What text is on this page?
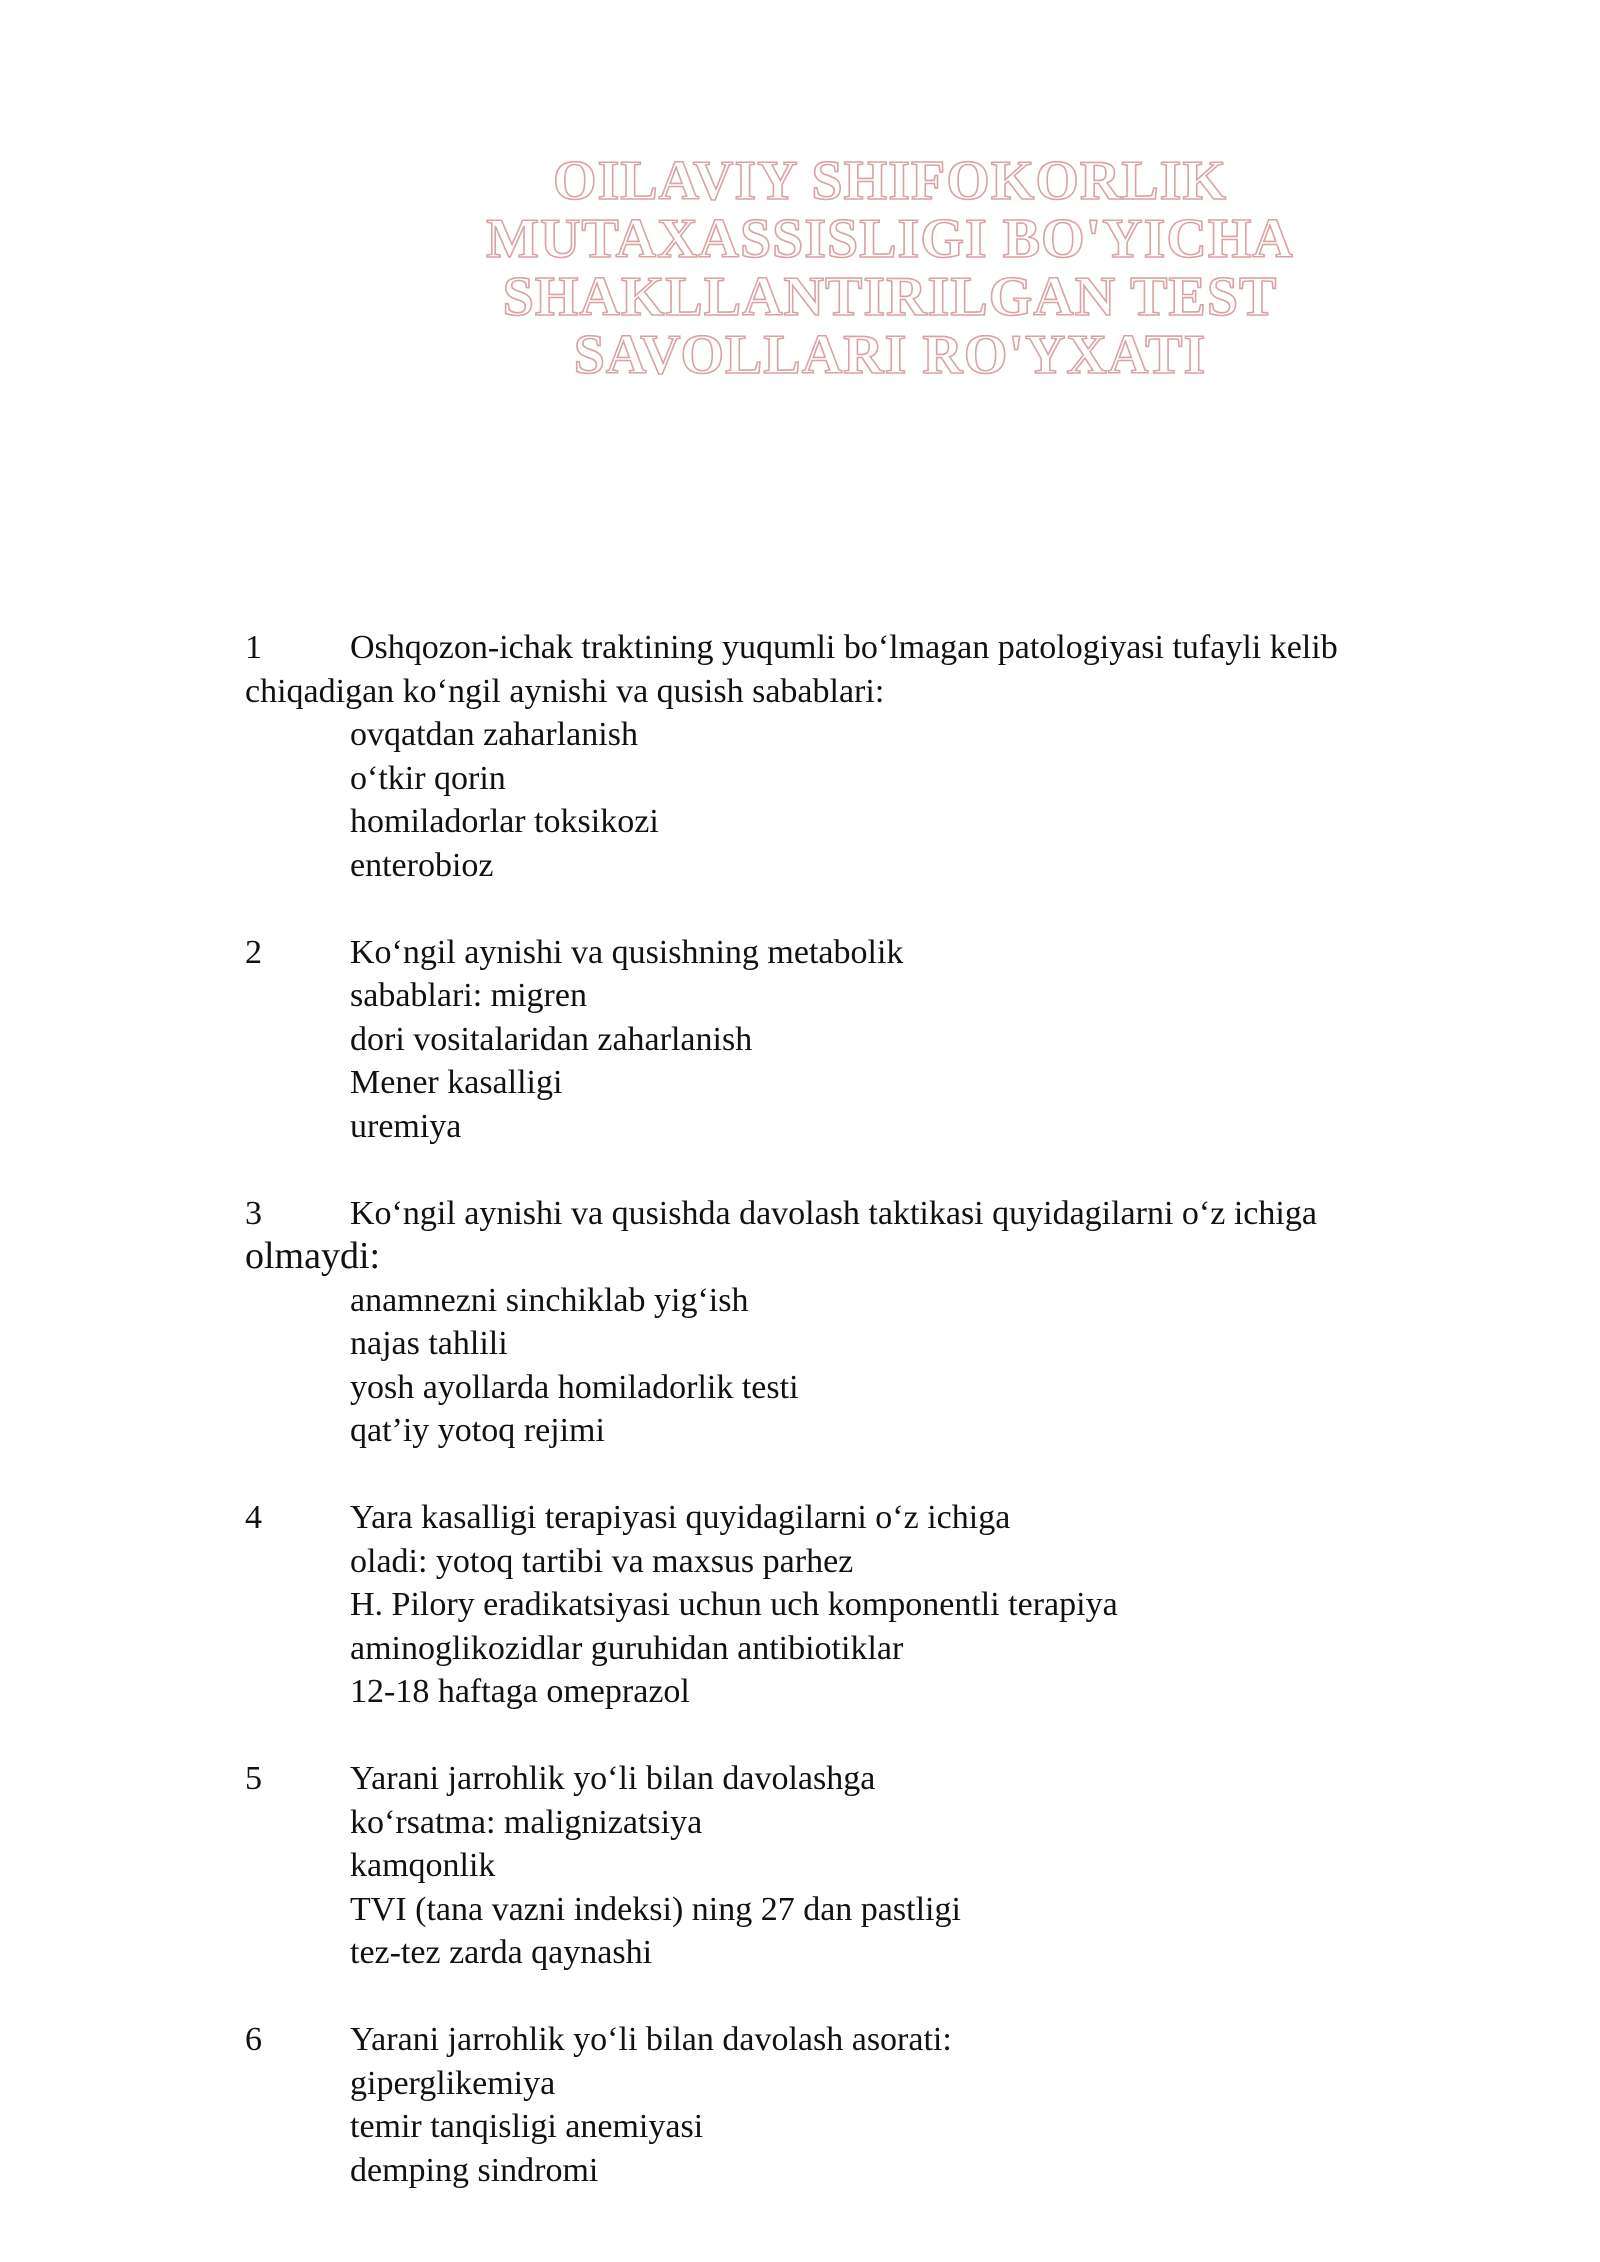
OILAVIY SHIFOKORLIK
MUTAXASSISLIGI BO'YICHA
SHAKLLANTIRILGAN TEST
SAVOLLARI RO'YXATI
1	Oshqozon-ichak traktining yuqumli bo‘lmagan patologiyasi tufayli kelib
chiqadigan ko‘ngil aynishi va qusish sabablari:
ovqatdan zaharlanish
o‘tkir qorin
homiladorlar toksikozi
enterobioz
2	Ko‘ngil aynishi va qusishning metabolik
sabablari: migren
dori vositalaridan zaharlanish
Mener kasalligi
uremiya
3	Ko‘ngil aynishi va qusishda davolash taktikasi quyidagilarni o‘z ichiga
olmaydi:
anamnezni sinchiklab yig‘ish
najas tahlili
yosh ayollarda homiladorlik testi
qat’iy yotoq rejimi
4	Yara kasalligi terapiyasi quyidagilarni o‘z ichiga
oladi: yotoq tartibi va maxsus parhez
H. Pilory eradikatsiyasi uchun uch komponentli terapiya
aminoglikozidlar guruhidan antibiotiklar
12-18 haftaga omeprazol
5	Yarani jarrohlik yo‘li bilan davolashga
ko‘rsatma: malignizatsiya
kamqonlik
TVI (tana vazni indeksi) ning 27 dan pastligi
tez-tez zarda qaynashi
6	Yarani jarrohlik yo‘li bilan davolash asorati:
giperglikemiya
temir tanqisligi anemiyasi
demping sindromi
